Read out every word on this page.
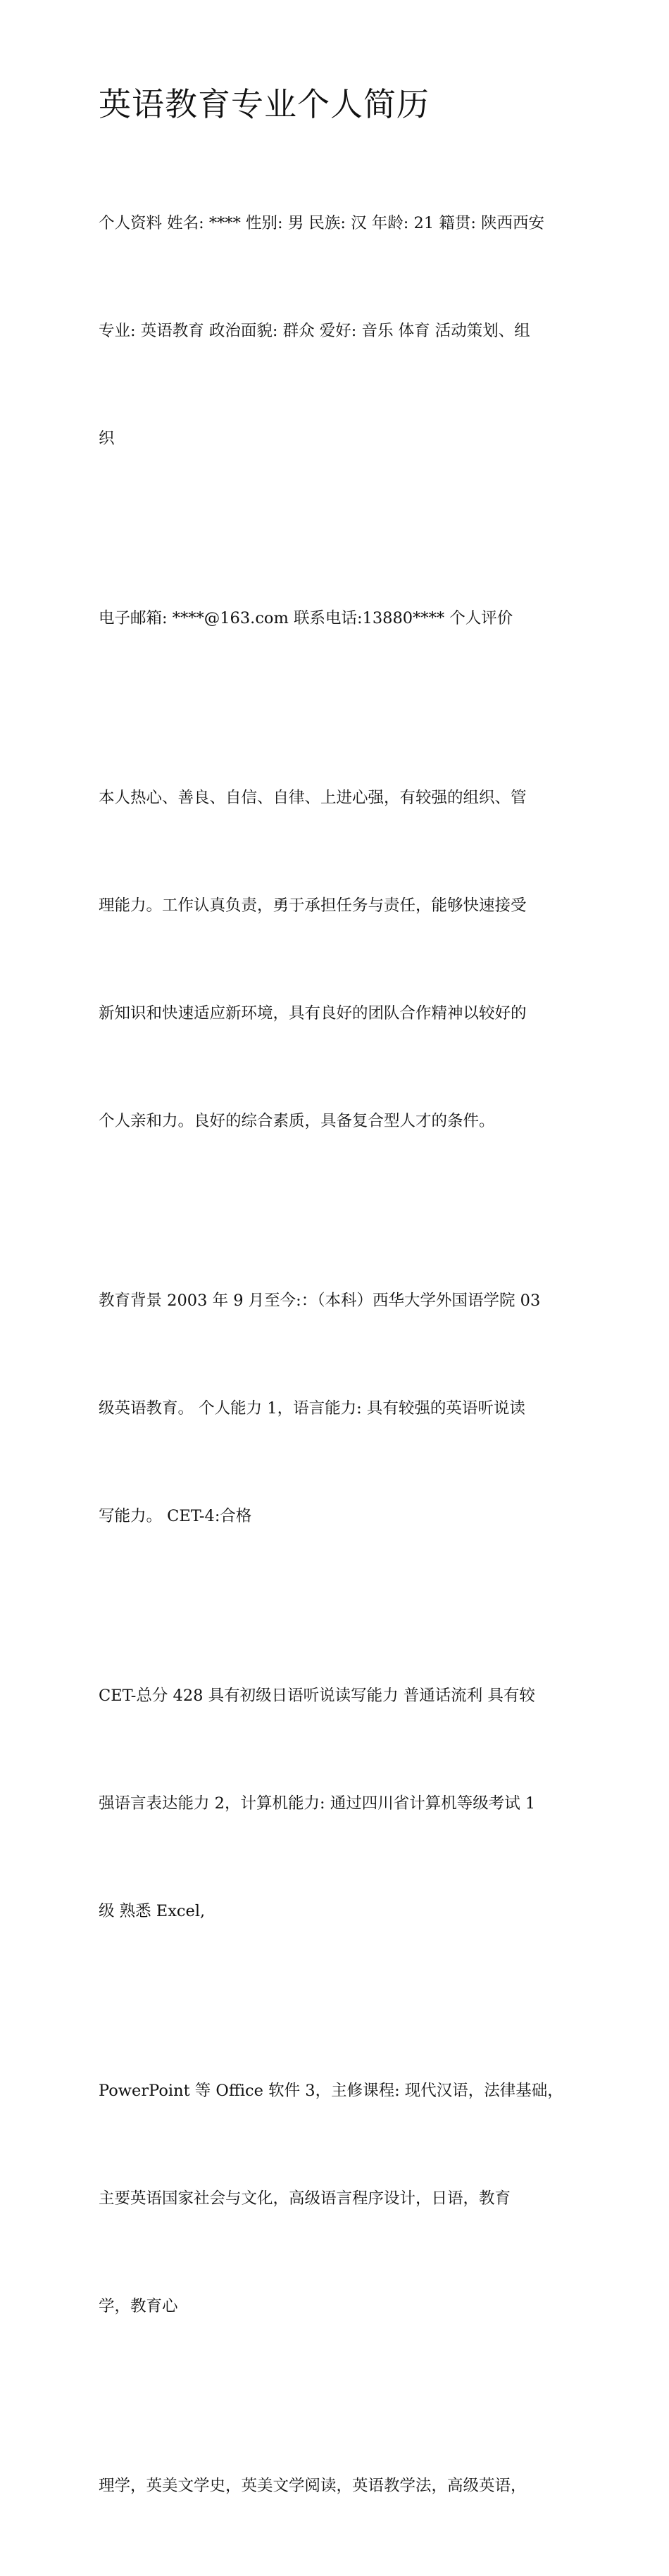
英语教育专业个人简历

个人资料 姓名: **** 性别: 男 民族: 汉 年龄: 21 籍贯: 陕西西安

专业: 英语教育 政治面貌: 群众 爱好: 音乐 体育 活动策划、组

织

电子邮箱: ****@163.com 联系电话:13880**** 个人评价

本人热心、善良、自信、自律、上进心强，有较强的组织、管

理能力。工作认真负责，勇于承担任务与责任，能够快速接受

新知识和快速适应新环境，具有良好的团队合作精神以较好的

个人亲和力。良好的综合素质，具备复合型人才的条件。

教育背景 2003 年 9 月至今:：（本科）西华大学外国语学院 03

级英语教育。 个人能力 1，语言能力: 具有较强的英语听说读

写能力。 CET-4:合格

CET-总分 428 具有初级日语听说读写能力 普通话流利 具有较

强语言表达能力 2，计算机能力: 通过四川省计算机等级考试 1

级 熟悉 Excel,

PowerPoint 等 Office 软件 3，主修课程: 现代汉语，法律基础，

主要英语国家社会与文化，高级语言程序设计，日语，教育

学，教育心

理学，英美文学史，英美文学阅读，英语教学法，高级英语，
